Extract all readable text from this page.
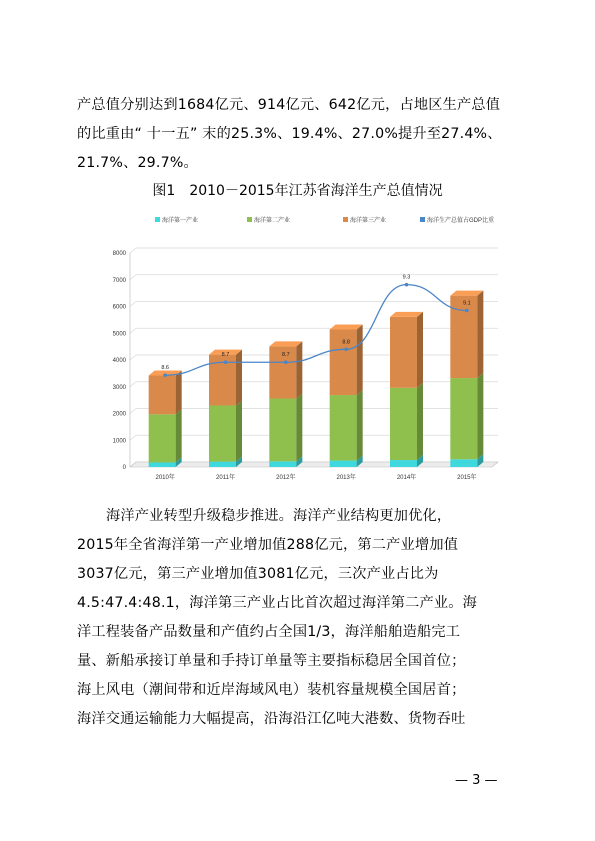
产总值分别达到1684亿元、914亿元、642亿元，占地区生产总值

的比重由“ 十一五” 末的25.3%、19.4%、27.0%提升至27.4%、

21.7%、29.7%。

图1　2010－2015年江苏省海洋生产总值情况
0
1000
2000
3000
4000
5000
6000
7000
8000
海洋第一产业	海洋第二产业	海洋第三产业	海洋生产总值占GDP比重
2010年	2011年	2012年	2013年	2014年	2015年
8.6
8.7	8.7
8.8
9.3
9.1

海洋产业转型升级稳步推进。海洋产业结构更加优化，

2015年全省海洋第一产业增加值288亿元，第二产业增加值

3037亿元，第三产业增加值3081亿元，三次产业占比为

4.5:47.4:48.1，海洋第三产业占比首次超过海洋第二产业。海

洋工程装备产品数量和产值约占全国1/3，海洋船舶造船完工

量、新船承接订单量和手持订单量等主要指标稳居全国首位；

海上风电（潮间带和近岸海域风电）装机容量规模全国居首；

海洋交通运输能力大幅提高，沿海沿江亿吨大港数、货物吞吐

— 3 —
